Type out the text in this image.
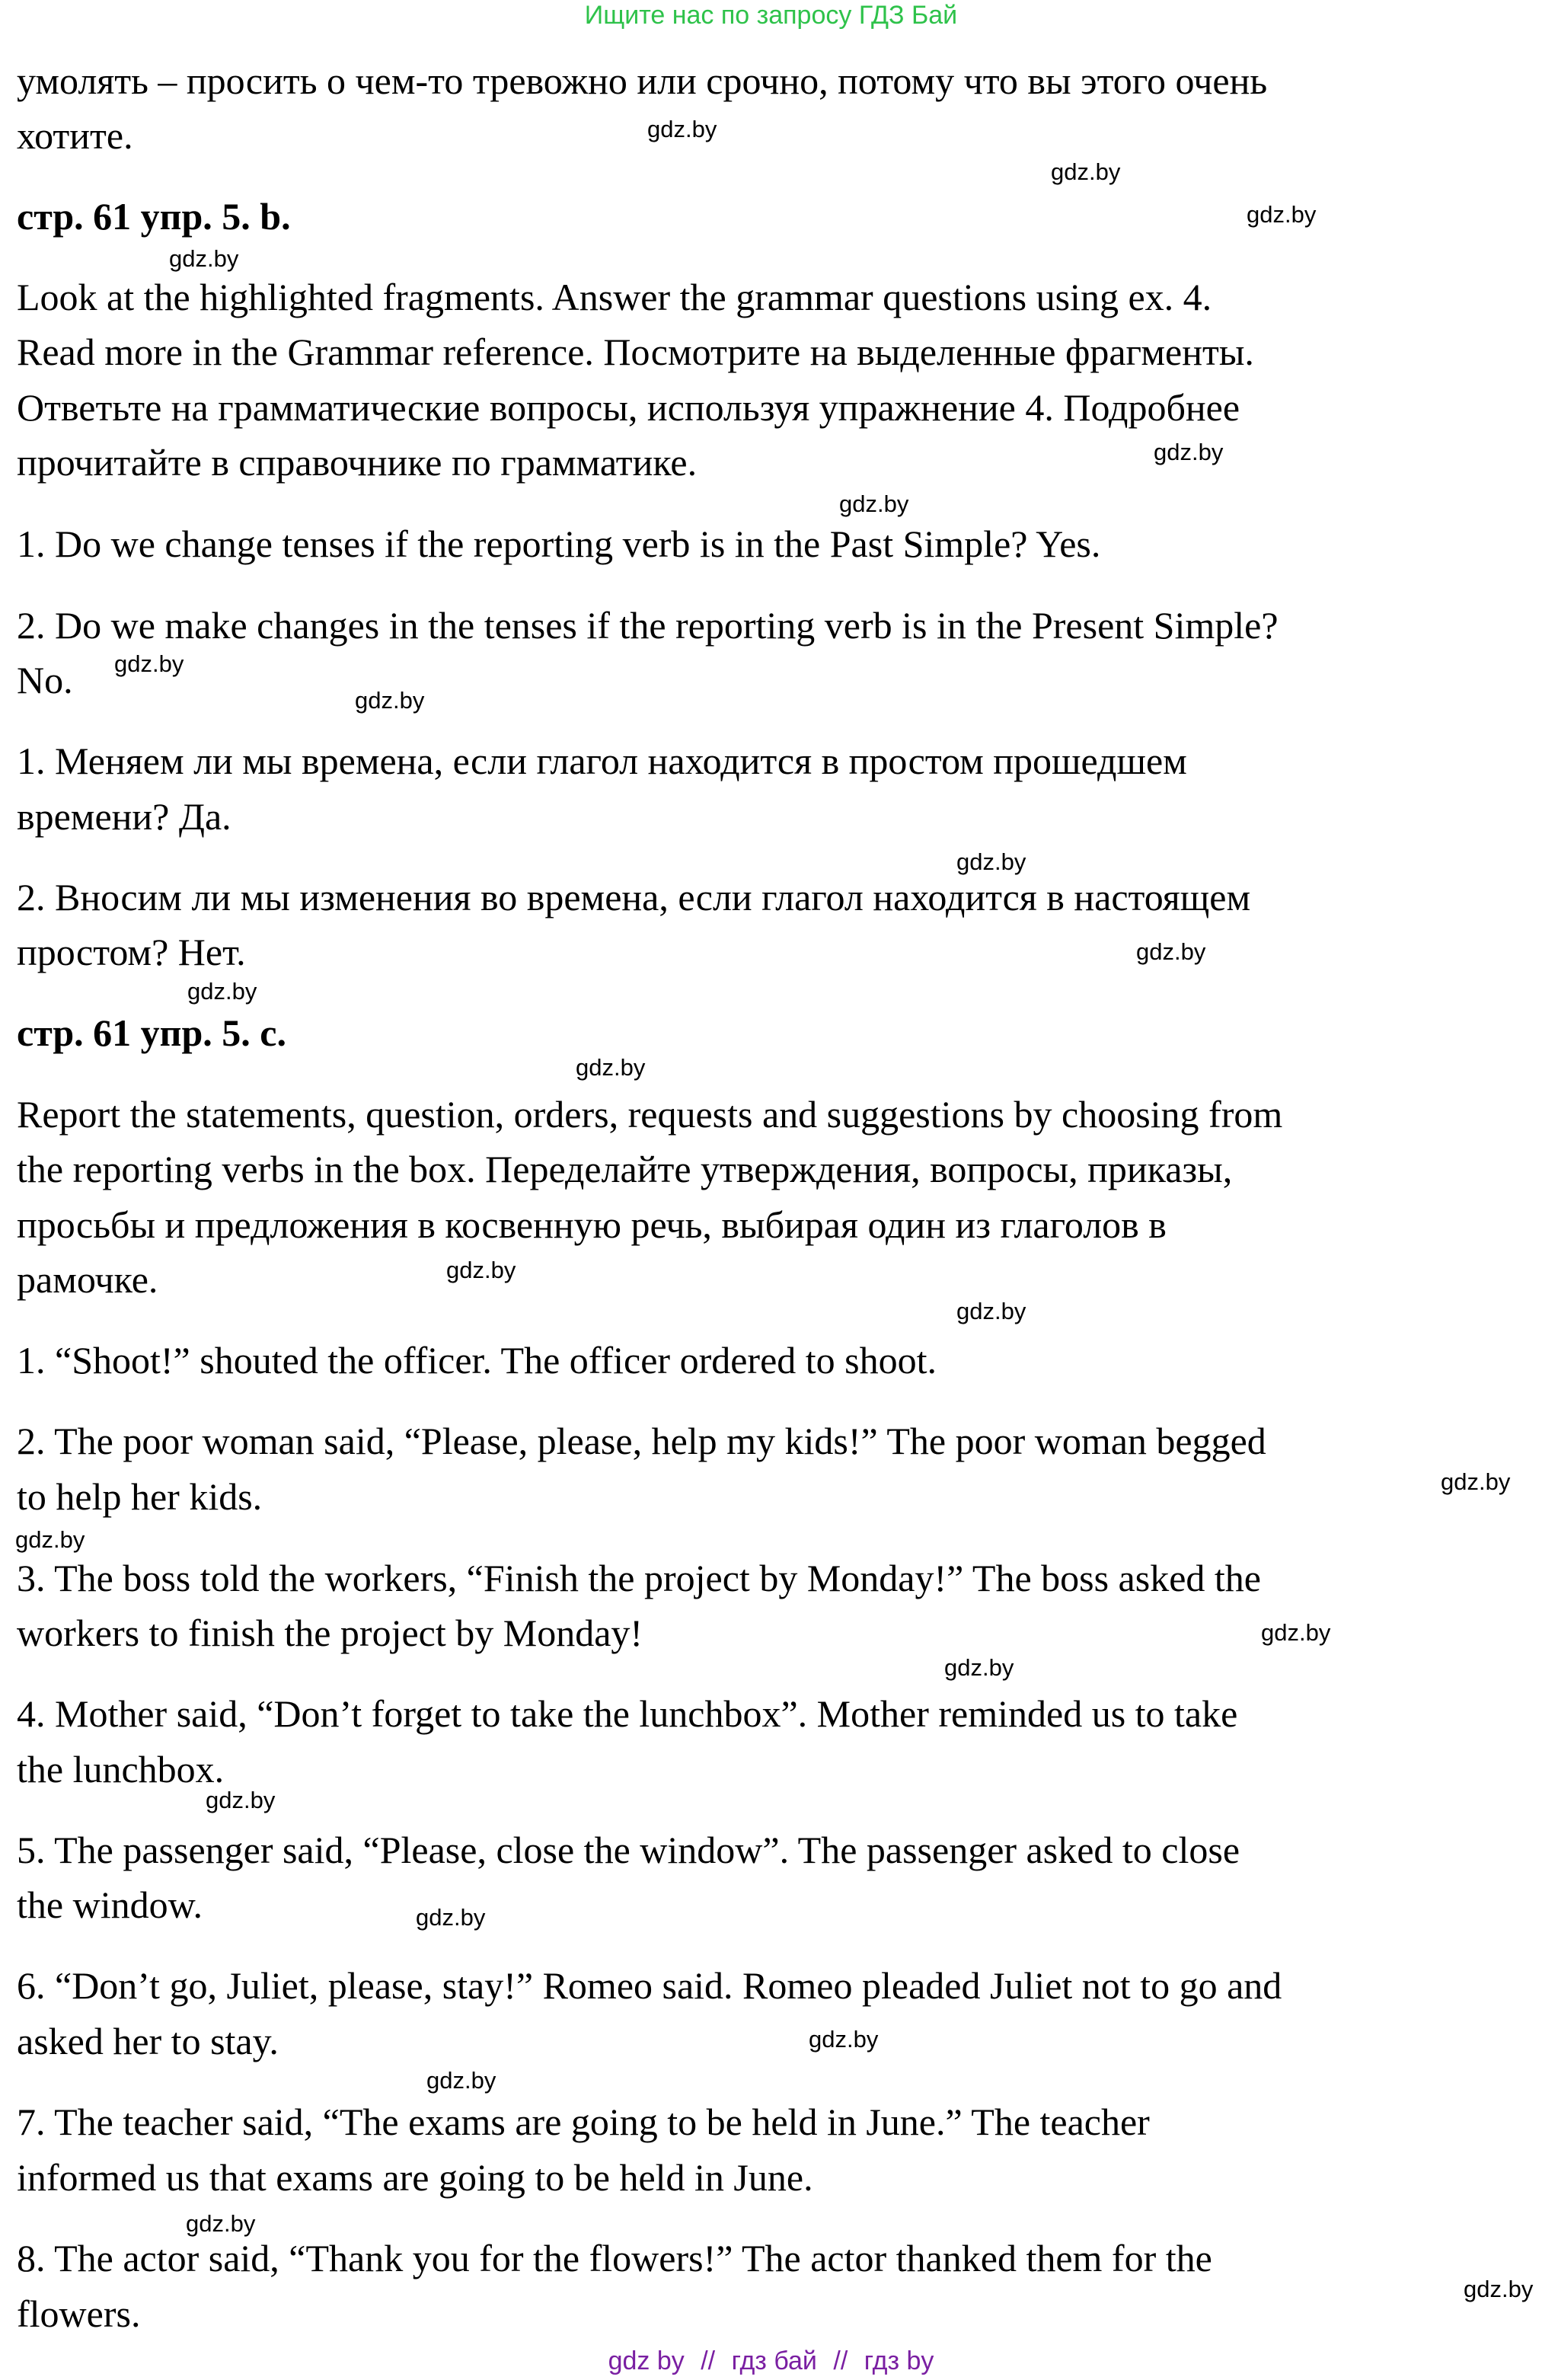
Ищите нас по запросу ГДЗ Бай
умолять – просить о чем-то тревожно или срочно, потому что вы этого очень
хотите.
стр. 61 упр. 5. b.
Look at the highlighted fragments. Answer the grammar questions using ex. 4.
Read more in the Grammar reference. Посмотрите на выделенные фрагменты.
Ответьте на грамматические вопросы, используя упражнение 4. Подробнее
прочитайте в справочнике по грамматике.
1. Do we change tenses if the reporting verb is in the Past Simple? Yes.
2. Do we make changes in the tenses if the reporting verb is in the Present Simple?
No.
1. Меняем ли мы времена, если глагол находится в простом прошедшем
времени? Да.
2. Вносим ли мы изменения во времена, если глагол находится в настоящем
простом? Нет.
стр. 61 упр. 5. c.
Report the statements, question, orders, requests and suggestions by choosing from
the reporting verbs in the box. Переделайте утверждения, вопросы, приказы,
просьбы и предложения в косвенную речь, выбирая один из глаголов в
рамочке.
1. “Shoot!” shouted the officer. The officer ordered to shoot.
2. The poor woman said, “Please, please, help my kids!” The poor woman begged
to help her kids.
3. The boss told the workers, “Finish the project by Monday!” The boss asked the
workers to finish the project by Monday!
4. Mother said, “Don’t forget to take the lunchbox”. Mother reminded us to take
the lunchbox.
5. The passenger said, “Please, close the window”. The passenger asked to close
the window.
6. “Don’t go, Juliet, please, stay!” Romeo said. Romeo pleaded Juliet not to go and
asked her to stay.
7. The teacher said, “The exams are going to be held in June.” The teacher
informed us that exams are going to be held in June.
8. The actor said, “Thank you for the flowers!” The actor thanked them for the
flowers.
gdz.by
gdz.by
gdz.by
gdz.by
gdz.by
gdz.by
gdz.by
gdz.by
gdz.by
gdz.by
gdz.by
gdz.by
gdz.by
gdz.by
gdz.by
gdz.by
gdz.by
gdz.by
gdz.by
gdz.by
gdz.by
gdz.by
gdz.by
gdz.by
gdz by // гдз бай // гдз by
